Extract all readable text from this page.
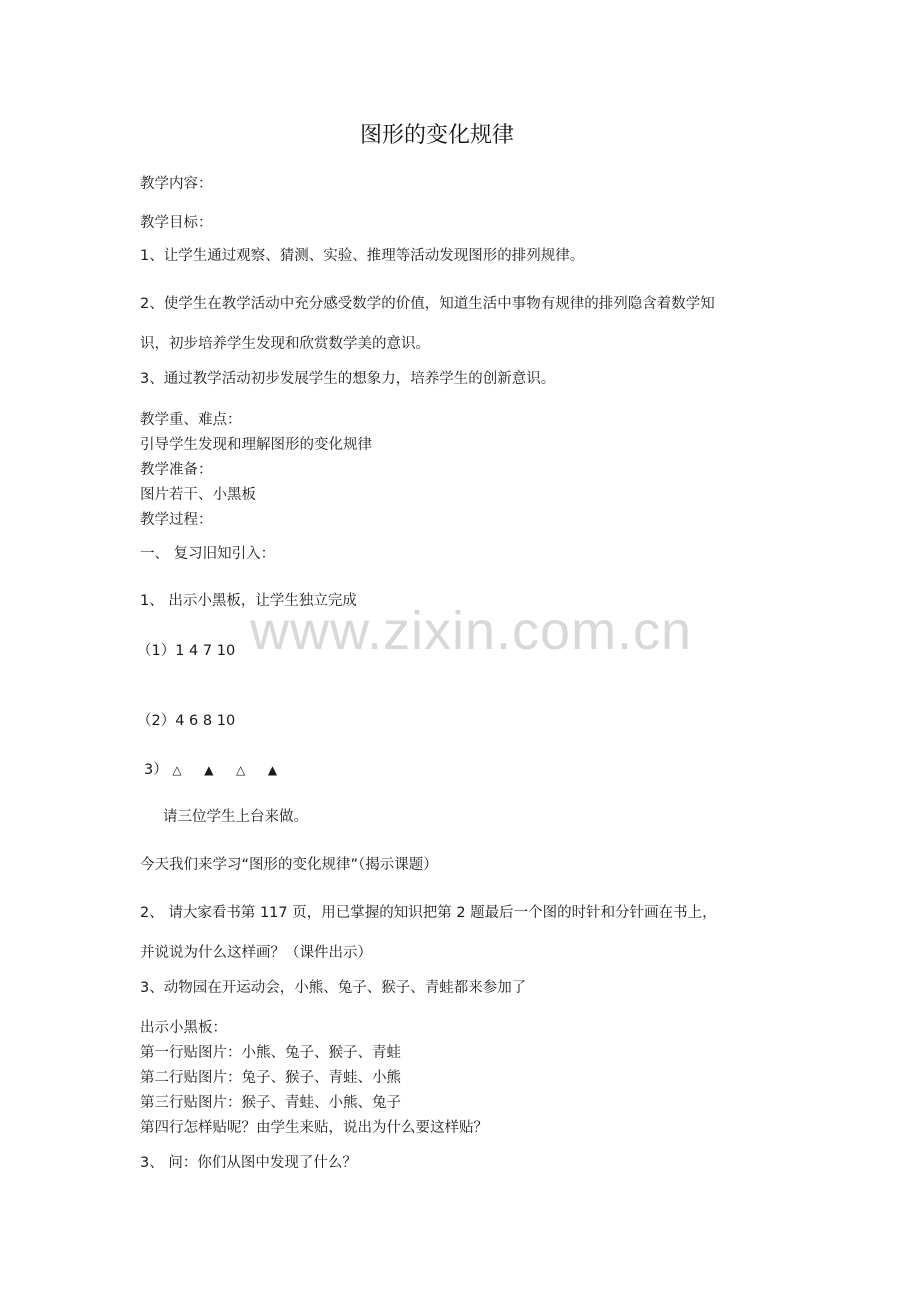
www.zixin.com.cn
图形的变化规律
教学内容：
教学目标：
1、让学生通过观察、猜测、实验、推理等活动发现图形的排列规律。
2、使学生在教学活动中充分感受数学的价值，知道生活中事物有规律的排列隐含着数学知
识，初步培养学生发现和欣赏数学美的意识。
3、通过教学活动初步发展学生的想象力，培养学生的创新意识。
教学重、难点：
引导学生发现和理解图形的变化规律
教学准备：
图片若干、小黑板
教学过程：
一、 复习旧知引入：
1、 出示小黑板，让学生独立完成
（1）1 4 7 10
（2）4 6 8 10
3） △ ▲ △ ▲
请三位学生上台来做。
今天我们来学习“图形的变化规律”（揭示课题）
2、 请大家看书第 117 页，用已掌握的知识把第 2 题最后一个图的时针和分针画在书上，
并说说为什么这样画？（课件出示）
3、动物园在开运动会，小熊、兔子、猴子、青蛙都来参加了
出示小黑板：
第一行贴图片：小熊、兔子、猴子、青蛙
第二行贴图片：兔子、猴子、青蛙、小熊
第三行贴图片：猴子、青蛙、小熊、兔子
第四行怎样贴呢？由学生来贴，说出为什么要这样贴？
3、 问：你们从图中发现了什么？
